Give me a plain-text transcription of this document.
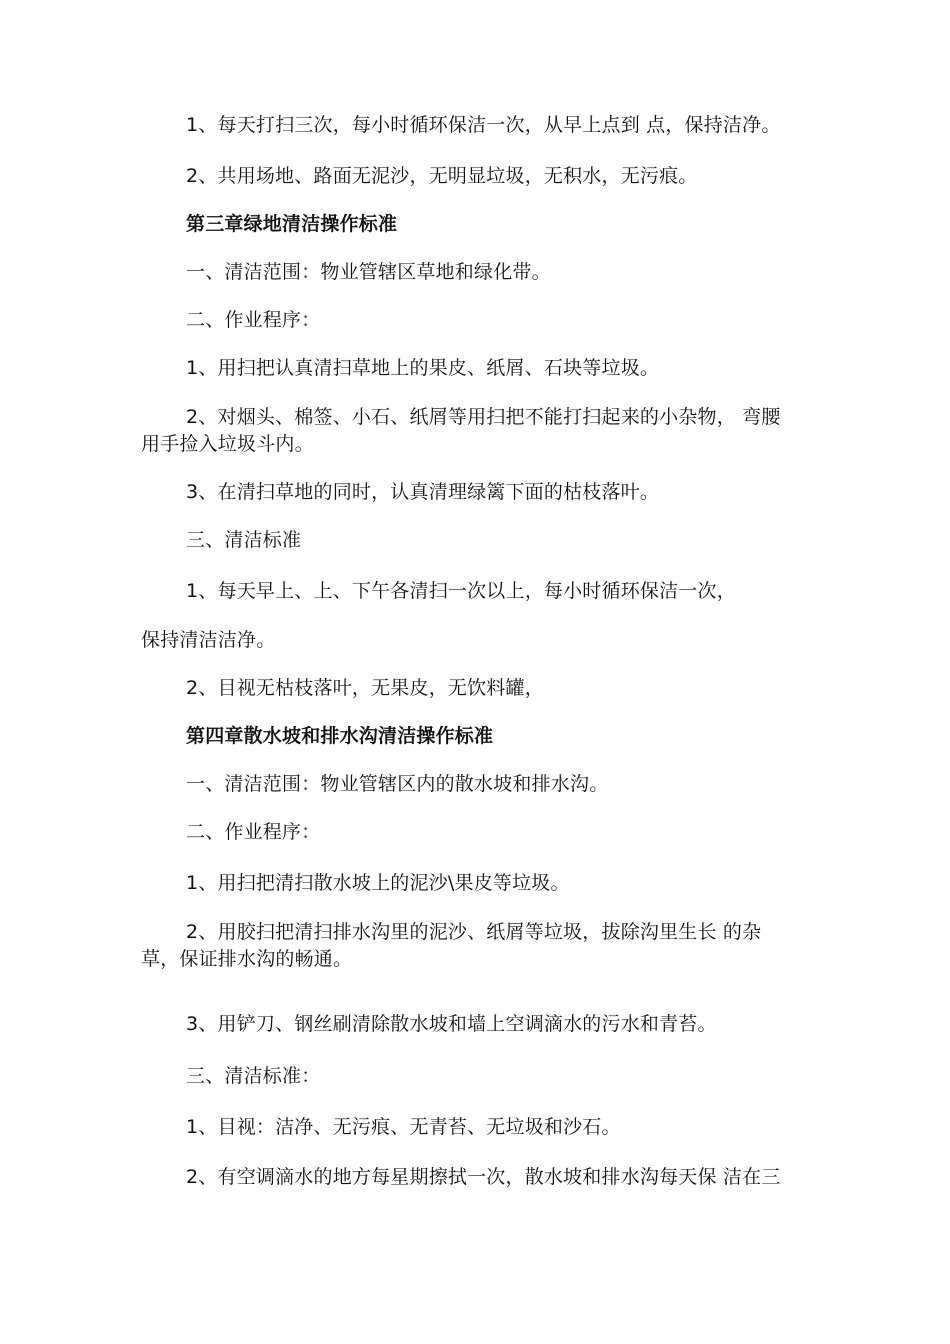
1、每天打扫三次，每小时循环保洁一次，从早上点到 点，保持洁净。
2、共用场地、路面无泥沙，无明显垃圾，无积水，无污痕。
第三章绿地清洁操作标准
一、清洁范围：物业管辖区草地和绿化带。
二、作业程序：
1、用扫把认真清扫草地上的果皮、纸屑、石块等垃圾。
2、对烟头、棉签、小石、纸屑等用扫把不能打扫起来的小杂物， 弯腰
用手捡入垃圾斗内。
3、在清扫草地的同时，认真清理绿篱下面的枯枝落叶。
三、清洁标准
1、每天早上、上、下午各清扫一次以上，每小时循环保洁一次，
保持清洁洁净。
2、目视无枯枝落叶，无果皮，无饮料罐，
第四章散水坡和排水沟清洁操作标准
一、清洁范围：物业管辖区内的散水坡和排水沟。
二、作业程序：
1、用扫把清扫散水坡上的泥沙\果皮等垃圾。
2、用胶扫把清扫排水沟里的泥沙、纸屑等垃圾，拔除沟里生长 的杂
草，保证排水沟的畅通。
3、用铲刀、钢丝刷清除散水坡和墙上空调滴水的污水和青苔。
三、清洁标准：
1、目视：洁净、无污痕、无青苔、无垃圾和沙石。
2、有空调滴水的地方每星期擦拭一次，散水坡和排水沟每天保 洁在三
